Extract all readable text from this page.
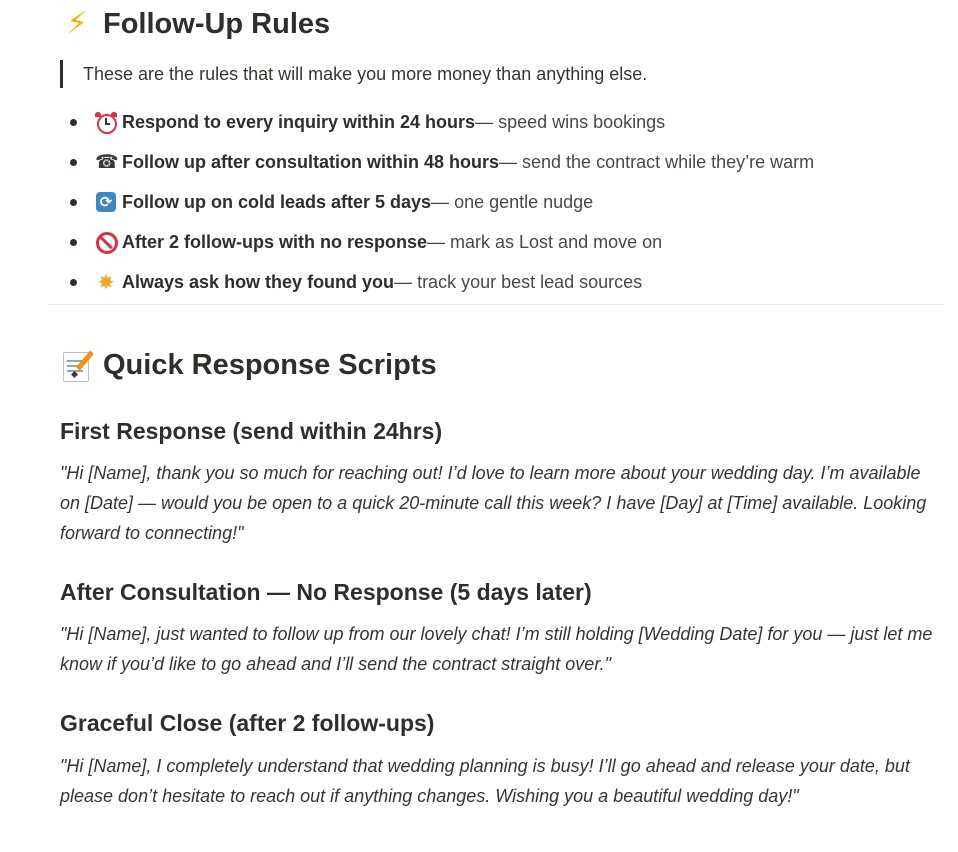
⚡ Follow-Up Rules
These are the rules that will make you more money than anything else.
Respond to every inquiry within 24 hours — speed wins bookings
☎ Follow up after consultation within 48 hours — send the contract while they’re warm
⟳ Follow up on cold leads after 5 days — one gentle nudge
After 2 follow-ups with no response — mark as Lost and move on
✸ Always ask how they found you — track your best lead sources
Quick Response Scripts
First Response (send within 24hrs)
"Hi [Name], thank you so much for reaching out! I’d love to learn more about your wedding day. I’m available on [Date] — would you be open to a quick 20-minute call this week? I have [Day] at [Time] available. Looking forward to connecting!"
After Consultation — No Response (5 days later)
"Hi [Name], just wanted to follow up from our lovely chat! I’m still holding [Wedding Date] for you — just let me know if you’d like to go ahead and I’ll send the contract straight over."
Graceful Close (after 2 follow-ups)
"Hi [Name], I completely understand that wedding planning is busy! I’ll go ahead and release your date, but please don’t hesitate to reach out if anything changes. Wishing you a beautiful wedding day!"
